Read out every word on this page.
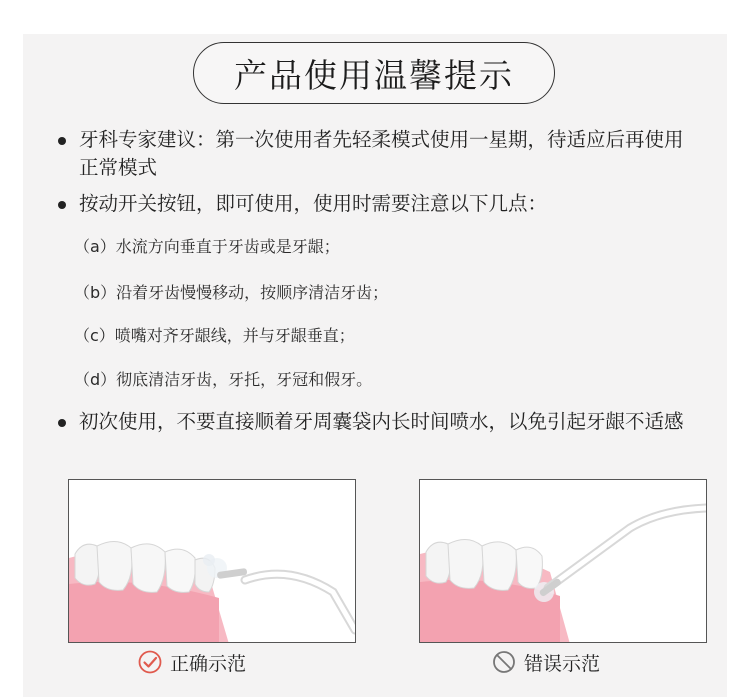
产品使用温馨提示
牙科专家建议：第一次使用者先轻柔模式使用一星期，待适应后再使用正常模式
按动开关按钮，即可使用，使用时需要注意以下几点：
（a）水流方向垂直于牙齿或是牙龈；
（b）沿着牙齿慢慢移动，按顺序清洁牙齿；
（c）喷嘴对齐牙龈线，并与牙龈垂直；
（d）彻底清洁牙齿，牙托，牙冠和假牙。
初次使用，不要直接顺着牙周囊袋内长时间喷水，以免引起牙龈不适感
正确示范	错误示范
